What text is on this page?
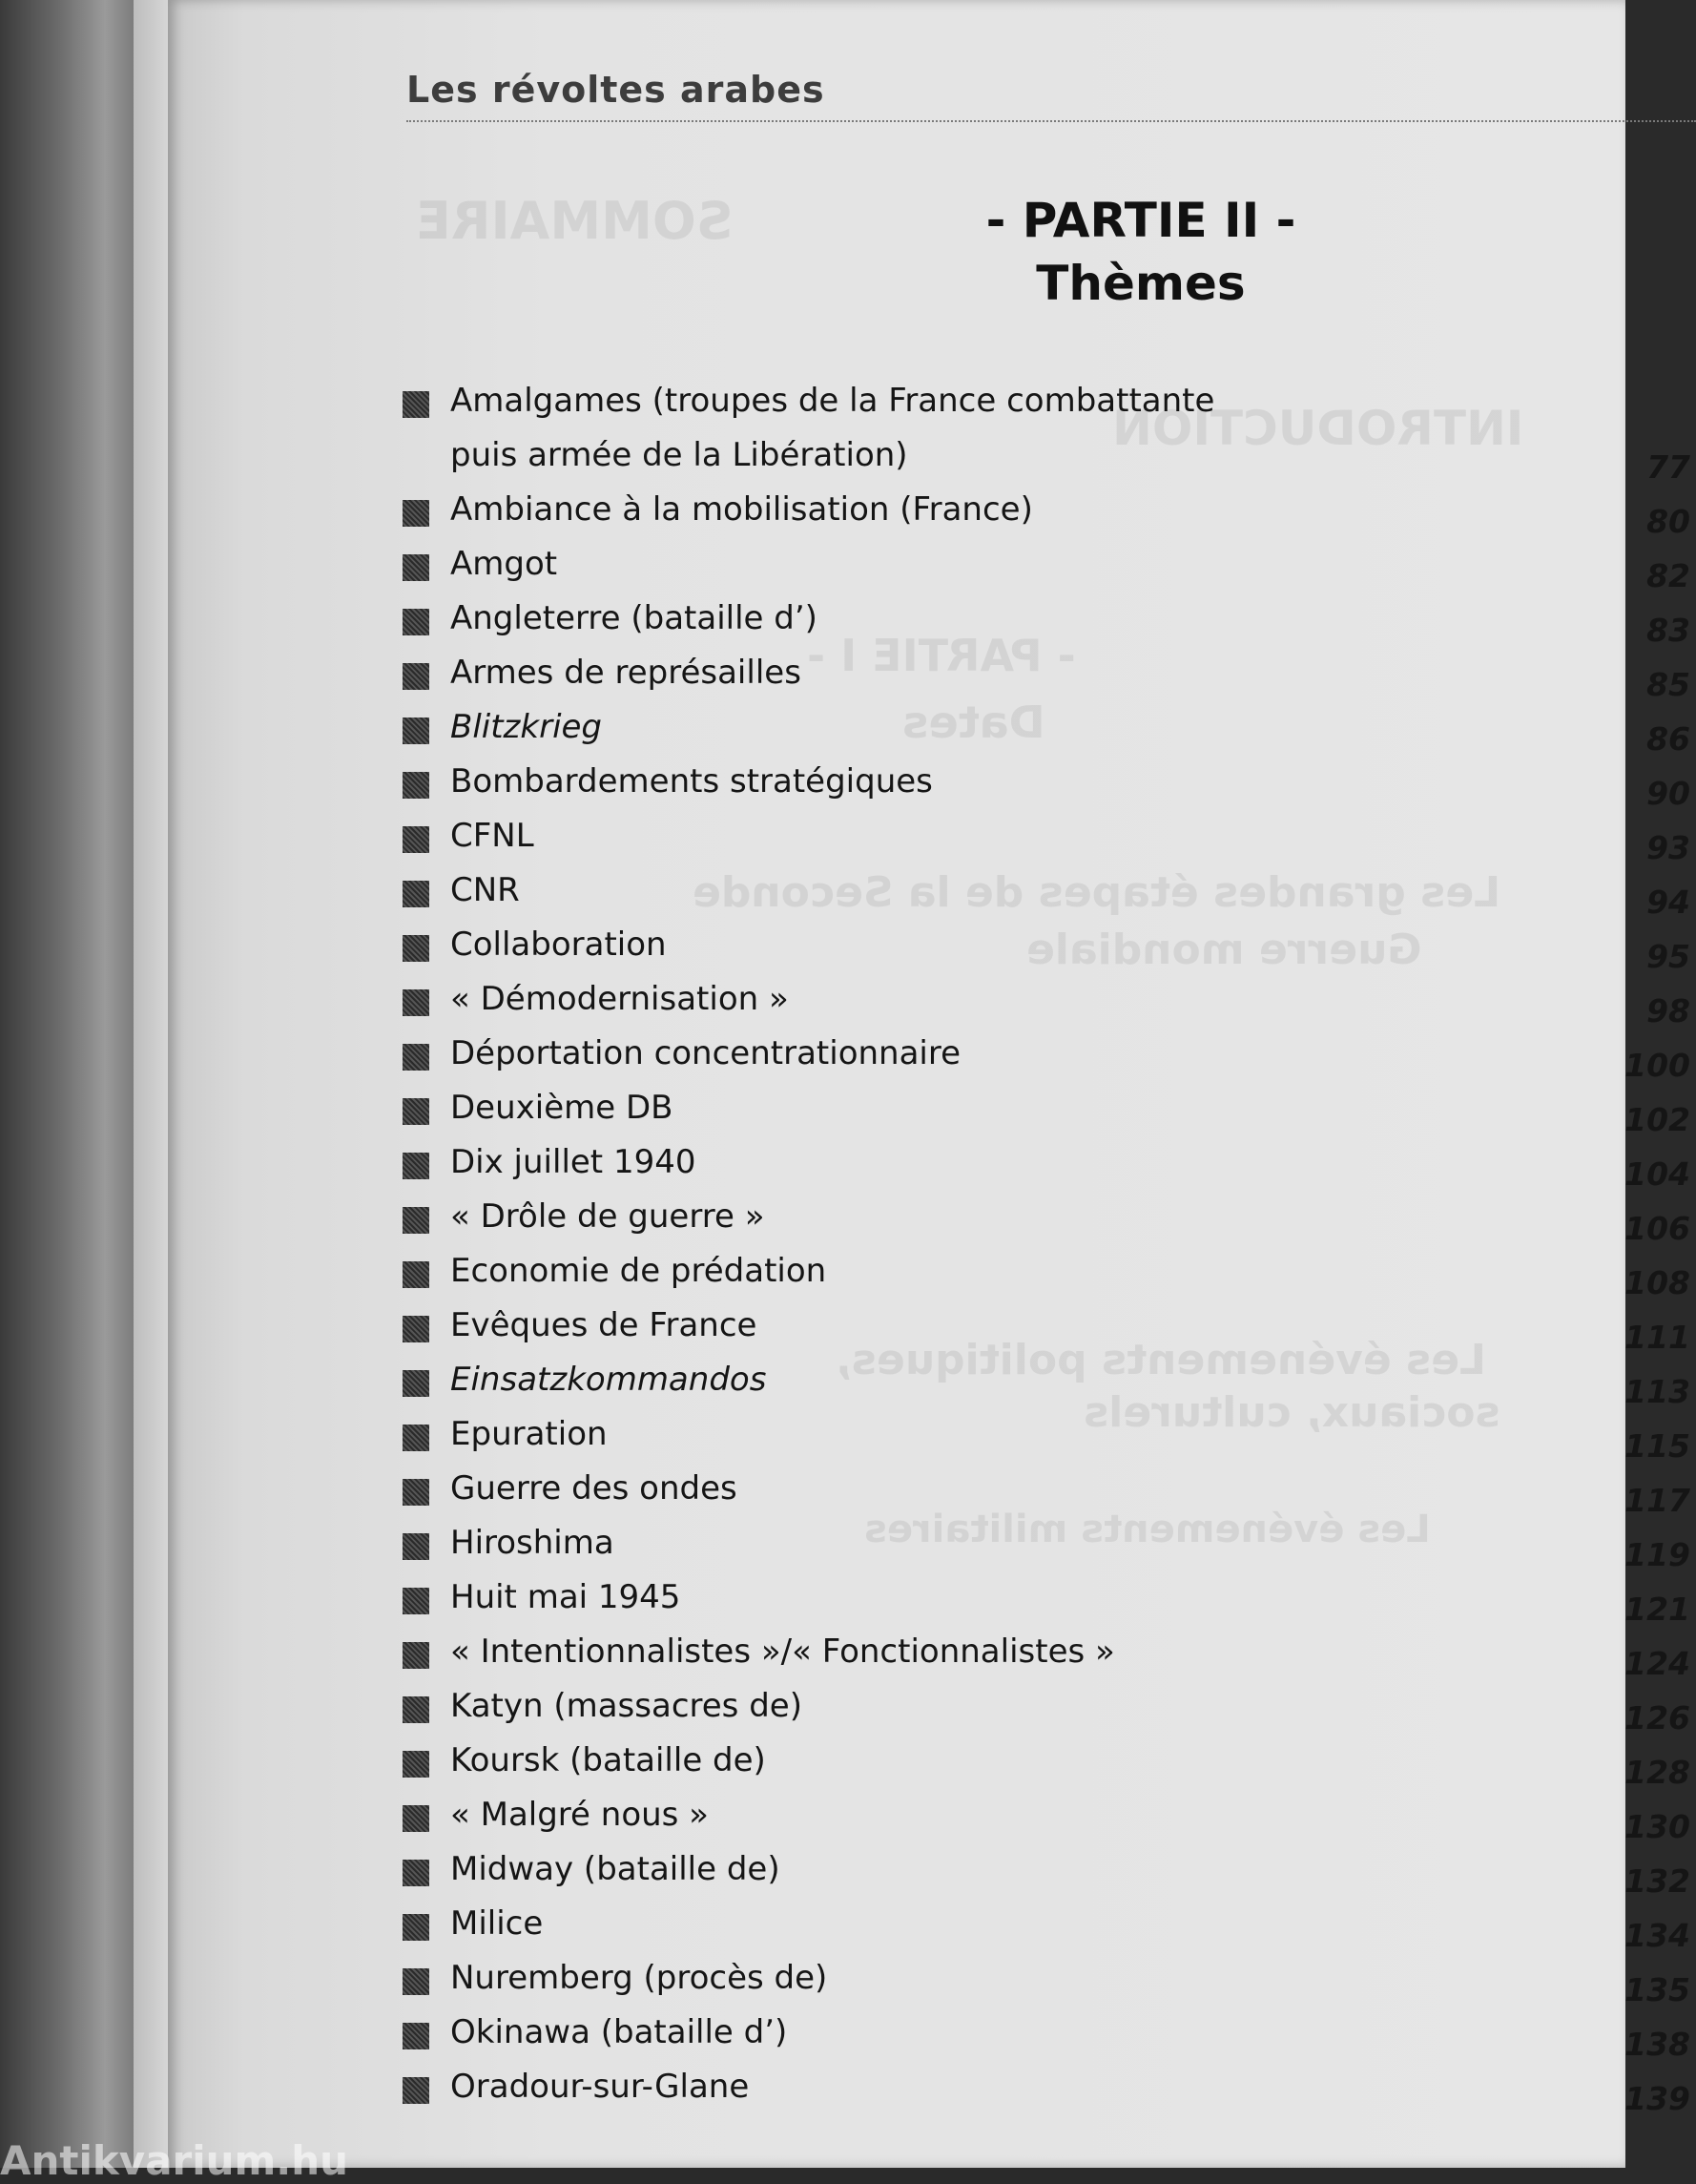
SOMMAIRE
INTRODUCTION
- PARTIE I -
Dates
Les grandes étapes de la Seconde
Guerre mondiale
Les événements politiques,
sociaux, culturels
Les événements militaires
Les révoltes arabes
- PARTIE II -
Thèmes
Amalgames (troupes de la France combattante
puis armée de la Libération)	77
Ambiance à la mobilisation (France)	80
Amgot	82
Angleterre (bataille d’)	83
Armes de représailles	85
Blitzkrieg	86
Bombardements stratégiques	90
CFNL	93
CNR	94
Collaboration	95
« Démodernisation »	98
Déportation concentrationnaire	100
Deuxième DB	102
Dix juillet 1940	104
« Drôle de guerre »	106
Economie de prédation	108
Evêques de France	111
Einsatzkommandos	113
Epuration	115
Guerre des ondes	117
Hiroshima	119
Huit mai 1945	121
« Intentionnalistes »/« Fonctionnalistes »	124
Katyn (massacres de)	126
Koursk (bataille de)	128
« Malgré nous »	130
Midway (bataille de)	132
Milice	134
Nuremberg (procès de)	135
Okinawa (bataille d’)	138
Oradour-sur-Glane	139
Antikvarium.hu
